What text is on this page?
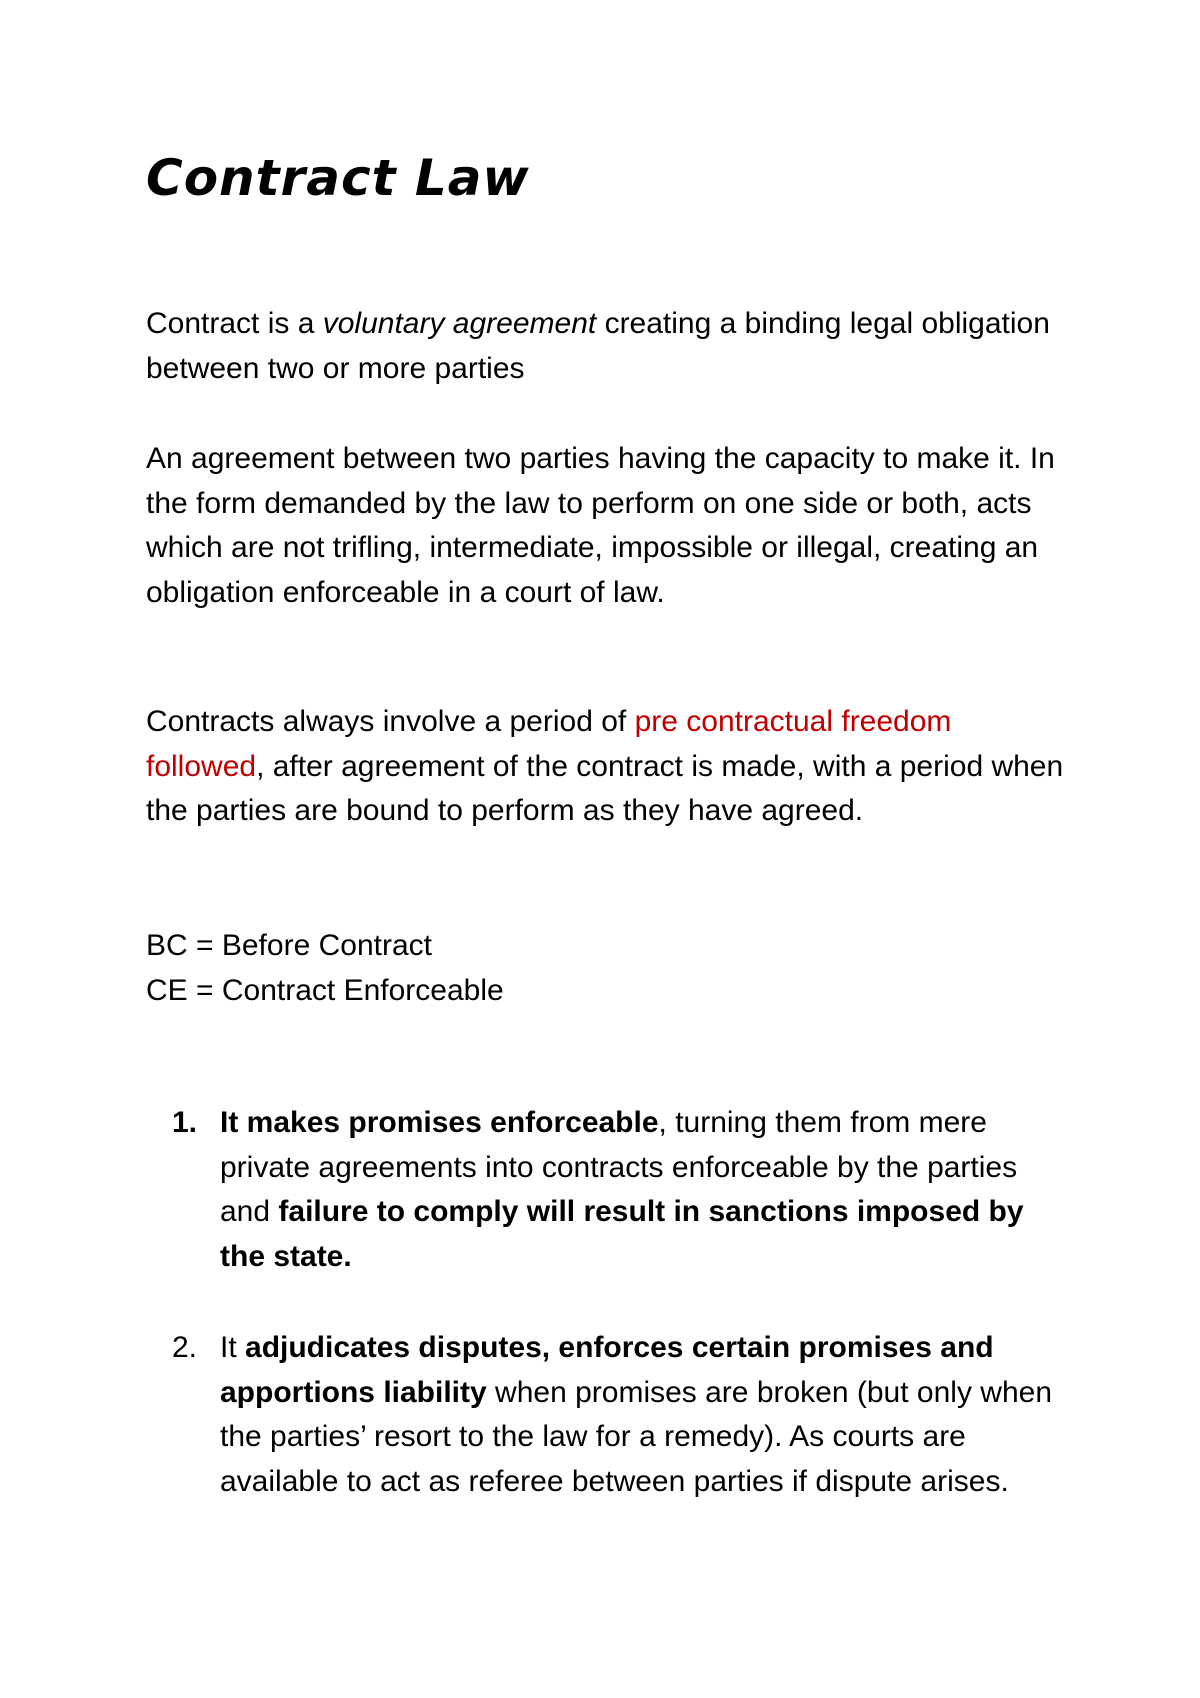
Contract Law

Contract is a voluntary agreement creating a binding legal obligation between two or more parties

An agreement between two parties having the capacity to make it. In the form demanded by the law to perform on one side or both, acts which are not trifling, intermediate, impossible or illegal, creating an obligation enforceable in a court of law.

Contracts always involve a period of pre contractual freedom followed, after agreement of the contract is made, with a period when the parties are bound to perform as they have agreed.

BC = Before Contract
CE = Contract Enforceable

1. It makes promises enforceable, turning them from mere private agreements into contracts enforceable by the parties and failure to comply will result in sanctions imposed by the state.
2. It adjudicates disputes, enforces certain promises and apportions liability when promises are broken (but only when the parties’ resort to the law for a remedy). As courts are available to act as referee between parties if dispute arises.
